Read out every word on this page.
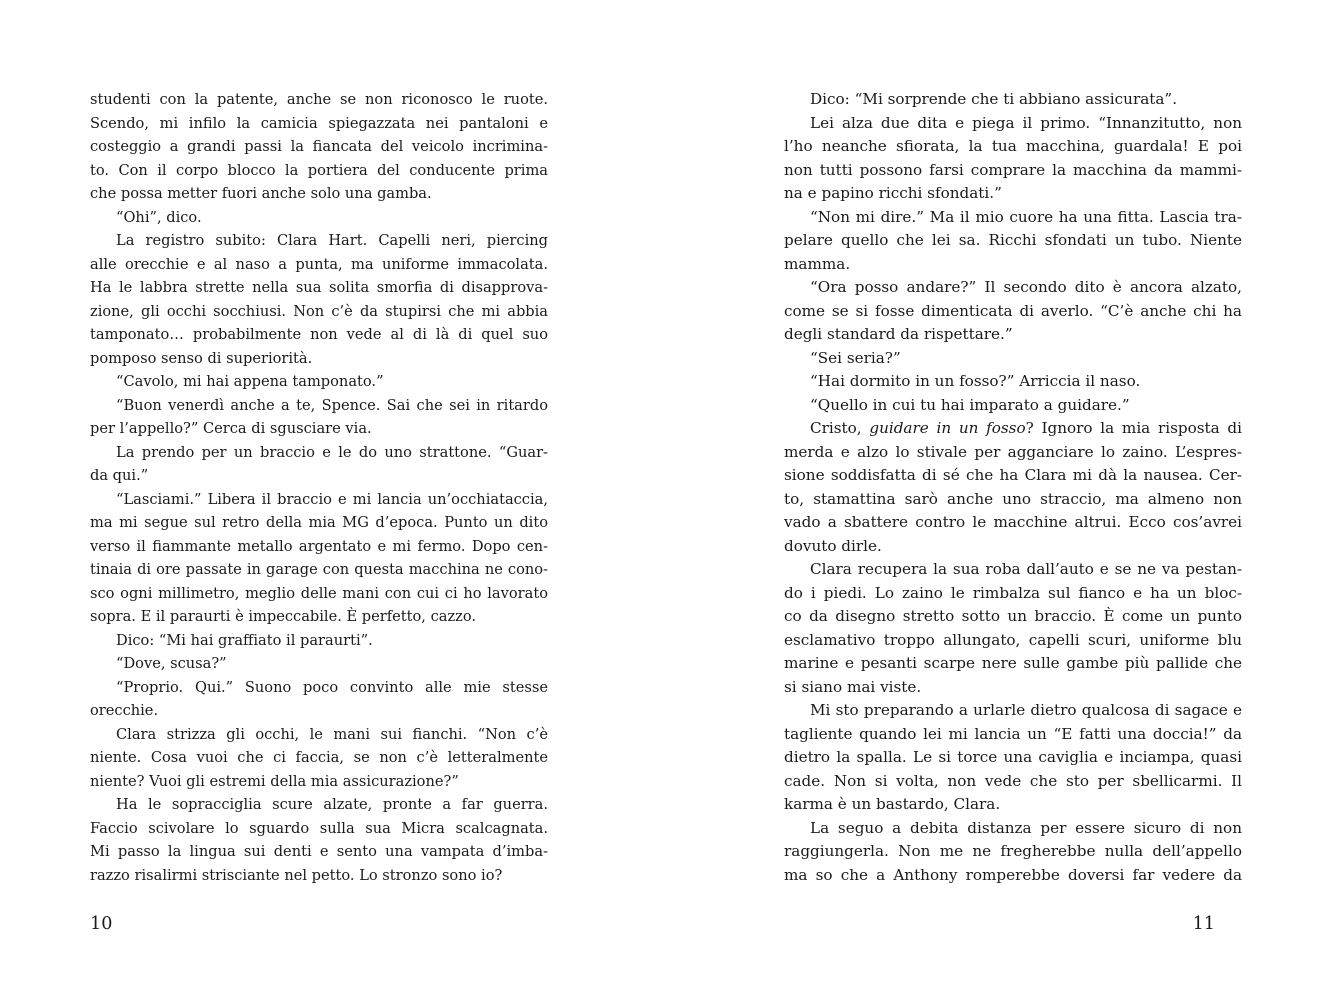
studenti con la patente, anche se non riconosco le ruote.
Scendo, mi infilo la camicia spiegazzata nei pantaloni e
costeggio a grandi passi la fiancata del veicolo incrimina-
to. Con il corpo blocco la portiera del conducente prima
che possa metter fuori anche solo una gamba.
“Ohi”, dico.
La registro subito: Clara Hart. Capelli neri, piercing
alle orecchie e al naso a punta, ma uniforme immacolata.
Ha le labbra strette nella sua solita smorfia di disapprova-
zione, gli occhi socchiusi. Non c’è da stupirsi che mi abbia
tamponato… probabilmente non vede al di là di quel suo
pomposo senso di superiorità.
“Cavolo, mi hai appena tamponato.”
“Buon venerdì anche a te, Spence. Sai che sei in ritardo
per l’appello?” Cerca di sgusciare via.
La prendo per un braccio e le do uno strattone. “Guar-
da qui.”
“Lasciami.” Libera il braccio e mi lancia un’occhiataccia,
ma mi segue sul retro della mia MG d’epoca. Punto un dito
verso il fiammante metallo argentato e mi fermo. Dopo cen-
tinaia di ore passate in garage con questa macchina ne cono-
sco ogni millimetro, meglio delle mani con cui ci ho lavorato
sopra. E il paraurti è impeccabile. È perfetto, cazzo.
Dico: “Mi hai graffiato il paraurti”.
“Dove, scusa?”
“Proprio. Qui.” Suono poco convinto alle mie stesse
orecchie.
Clara strizza gli occhi, le mani sui fianchi. “Non c’è
niente. Cosa vuoi che ci faccia, se non c’è letteralmente
niente? Vuoi gli estremi della mia assicurazione?”
Ha le sopracciglia scure alzate, pronte a far guerra.
Faccio scivolare lo sguardo sulla sua Micra scalcagnata.
Mi passo la lingua sui denti e sento una vampata d’imba-
razzo risalirmi strisciante nel petto. Lo stronzo sono io?
10
Dico: “Mi sorprende che ti abbiano assicurata”.
Lei alza due dita e piega il primo. “Innanzitutto, non
l’ho neanche sfiorata, la tua macchina, guardala! E poi
non tutti possono farsi comprare la macchina da mammi-
na e papino ricchi sfondati.”
“Non mi dire.” Ma il mio cuore ha una fitta. Lascia tra-
pelare quello che lei sa. Ricchi sfondati un tubo. Niente
mamma.
“Ora posso andare?” Il secondo dito è ancora alzato,
come se si fosse dimenticata di averlo. “C’è anche chi ha
degli standard da rispettare.”
“Sei seria?”
“Hai dormito in un fosso?” Arriccia il naso.
“Quello in cui tu hai imparato a guidare.”
Cristo, guidare in un fosso? Ignoro la mia risposta di
merda e alzo lo stivale per agganciare lo zaino. L’espres-
sione soddisfatta di sé che ha Clara mi dà la nausea. Cer-
to, stamattina sarò anche uno straccio, ma almeno non
vado a sbattere contro le macchine altrui. Ecco cos’avrei
dovuto dirle.
Clara recupera la sua roba dall’auto e se ne va pestan-
do i piedi. Lo zaino le rimbalza sul fianco e ha un bloc-
co da disegno stretto sotto un braccio. È come un punto
esclamativo troppo allungato, capelli scuri, uniforme blu
marine e pesanti scarpe nere sulle gambe più pallide che
si siano mai viste.
Mi sto preparando a urlarle dietro qualcosa di sagace e
tagliente quando lei mi lancia un “E fatti una doccia!” da
dietro la spalla. Le si torce una caviglia e inciampa, quasi
cade. Non si volta, non vede che sto per sbellicarmi. Il
karma è un bastardo, Clara.
La seguo a debita distanza per essere sicuro di non
raggiungerla. Non me ne fregherebbe nulla dell’appello
ma so che a Anthony romperebbe doversi far vedere da
11
